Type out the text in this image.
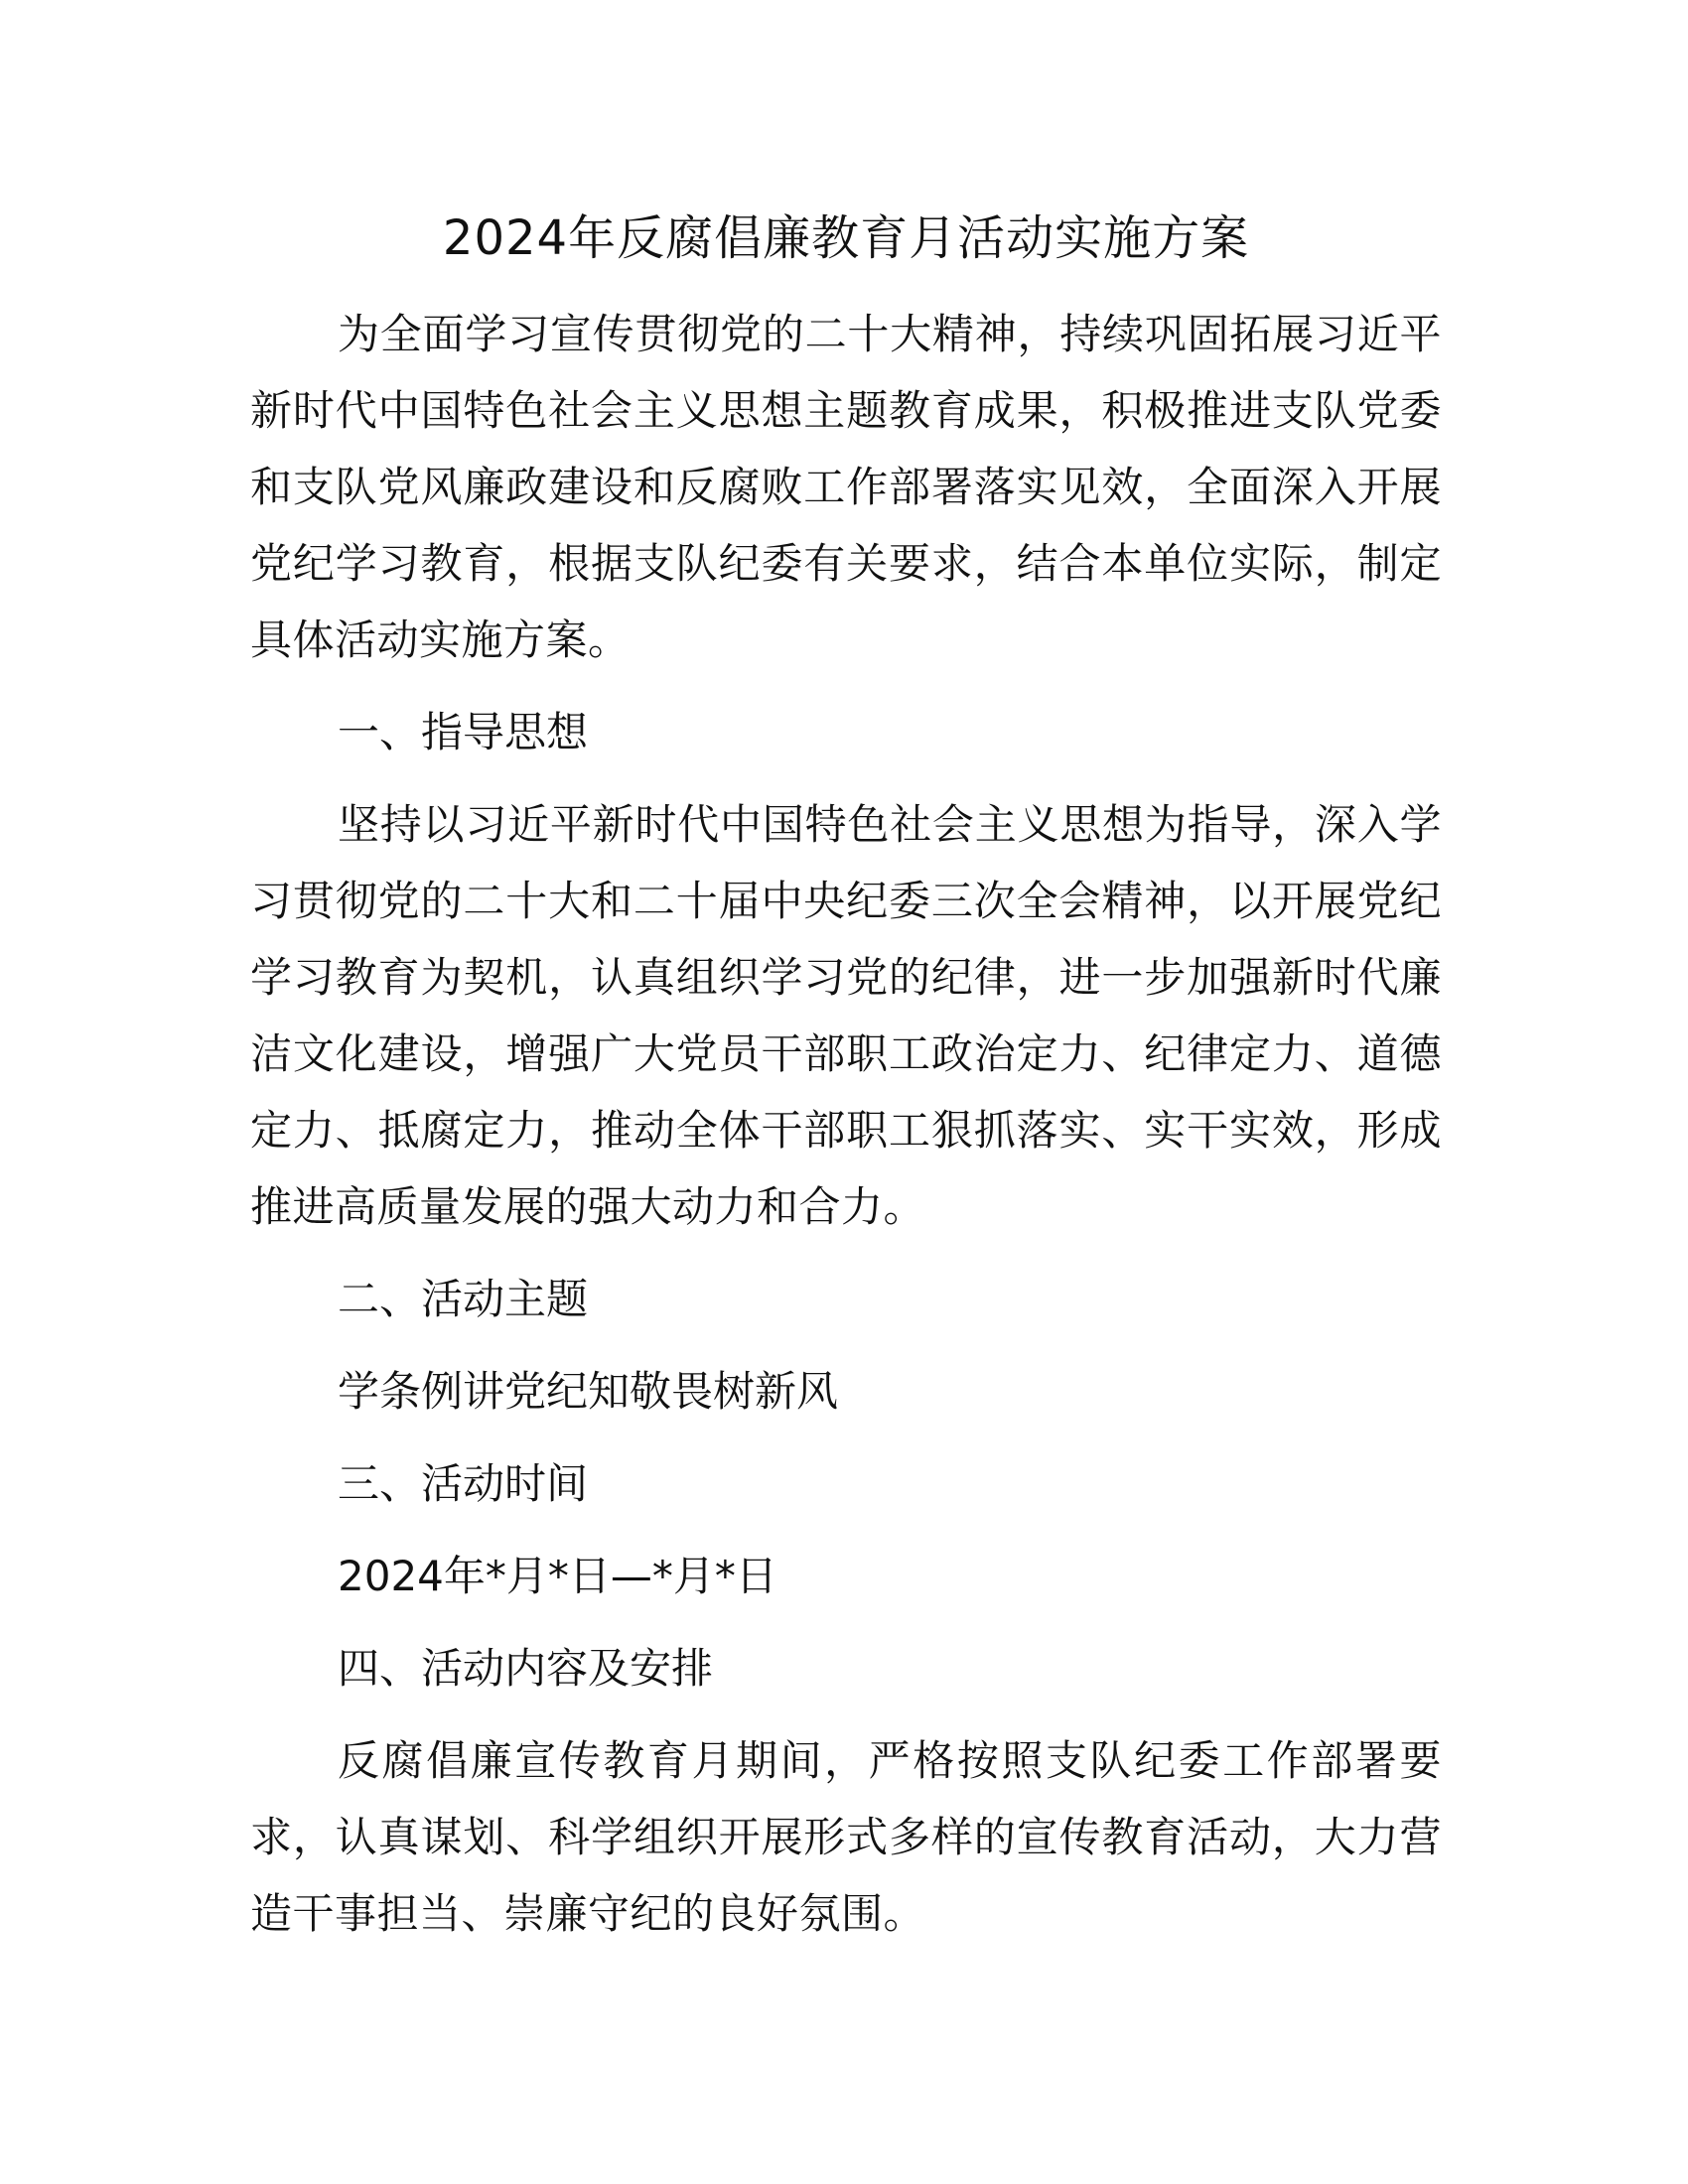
2024年反腐倡廉教育月活动实施方案

为全面学习宣传贯彻党的二十大精神，持续巩固拓展习近平新时代中国特色社会主义思想主题教育成果，积极推进支队党委和支队党风廉政建设和反腐败工作部署落实见效，全面深入开展党纪学习教育，根据支队纪委有关要求，结合本单位实际，制定具体活动实施方案。

一、指导思想

坚持以习近平新时代中国特色社会主义思想为指导，深入学习贯彻党的二十大和二十届中央纪委三次全会精神，以开展党纪学习教育为契机，认真组织学习党的纪律，进一步加强新时代廉洁文化建设，增强广大党员干部职工政治定力、纪律定力、道德定力、抵腐定力，推动全体干部职工狠抓落实、实干实效，形成推进高质量发展的强大动力和合力。

二、活动主题
学条例讲党纪知敬畏树新风
三、活动时间
2024年*月*日—*月*日
四、活动内容及安排

反腐倡廉宣传教育月期间，严格按照支队纪委工作部署要求，认真谋划、科学组织开展形式多样的宣传教育活动，大力营造干事担当、崇廉守纪的良好氛围。
